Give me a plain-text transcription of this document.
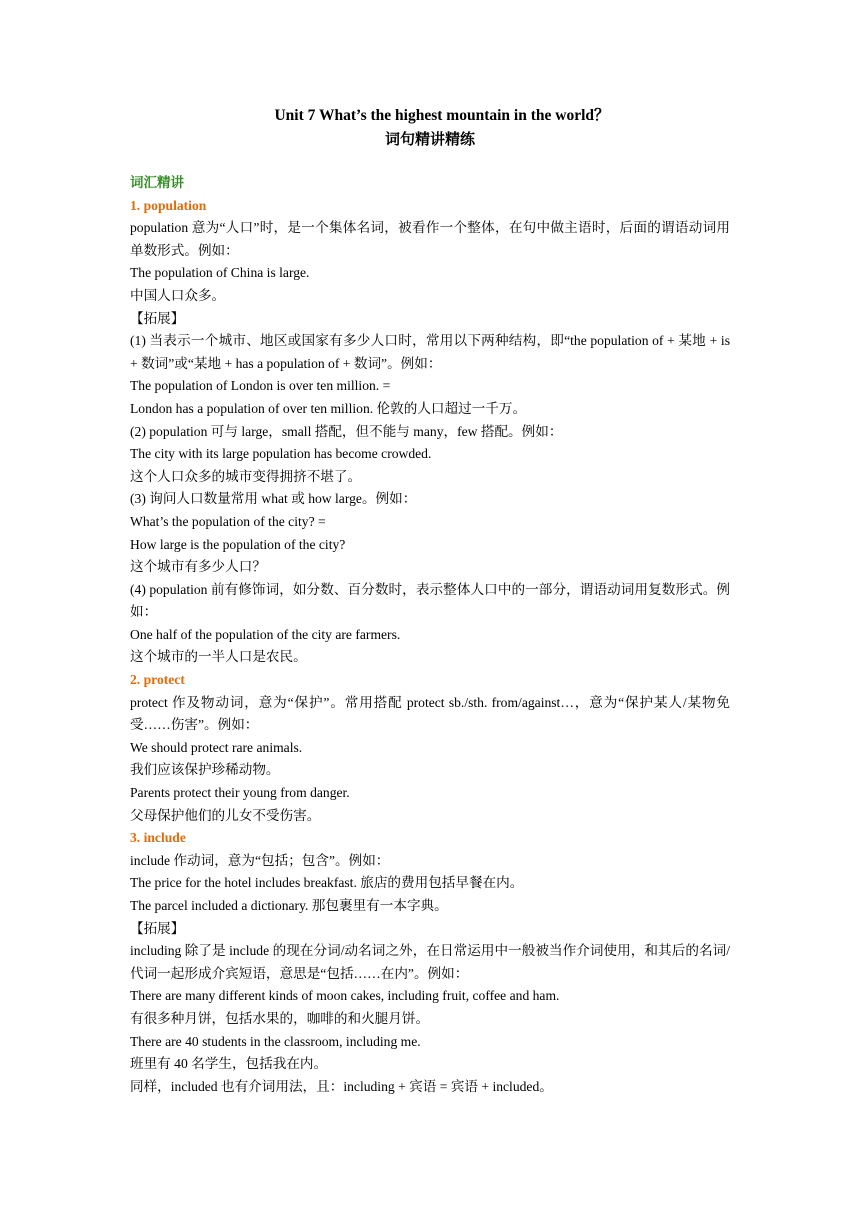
Unit 7 What’s the highest mountain in the world？
词句精讲精练
词汇精讲
1. population
population 意为“人口”时，是一个集体名词，被看作一个整体，在句中做主语时，后面的谓语动词用单数形式。例如：
The population of China is large.
中国人口众多。
【拓展】
(1) 当表示一个城市、地区或国家有多少人口时，常用以下两种结构，即“the population of + 某地 + is + 数词”或“某地 + has a population of + 数词”。例如：
The population of London is over ten million. =
London has a population of over ten million. 伦敦的人口超过一千万。
(2) population 可与 large，small 搭配，但不能与 many，few 搭配。例如：
The city with its large population has become crowded.
这个人口众多的城市变得拥挤不堪了。
(3) 询问人口数量常用 what 或 how large。例如：
What’s the population of the city? =
How large is the population of the city?
这个城市有多少人口？
(4) population 前有修饰词，如分数、百分数时，表示整体人口中的一部分，谓语动词用复数形式。例如：
One half of the population of the city are farmers.
这个城市的一半人口是农民。
2. protect
protect 作及物动词，意为“保护”。常用搭配 protect sb./sth. from/against…，意为“保护某人/某物免受……伤害”。例如：
We should protect rare animals.
我们应该保护珍稀动物。
Parents protect their young from danger.
父母保护他们的儿女不受伤害。
3. include
include 作动词，意为“包括；包含”。例如：
The price for the hotel includes breakfast. 旅店的费用包括早餐在内。
The parcel included a dictionary. 那包裹里有一本字典。
【拓展】
including 除了是 include 的现在分词/动名词之外，在日常运用中一般被当作介词使用，和其后的名词/代词一起形成介宾短语，意思是“包括……在内”。例如：
There are many different kinds of moon cakes, including fruit, coffee and ham.
有很多种月饼，包括水果的，咖啡的和火腿月饼。
There are 40 students in the classroom, including me.
班里有 40 名学生，包括我在内。
同样，included 也有介词用法，且：including + 宾语 = 宾语 + included。
